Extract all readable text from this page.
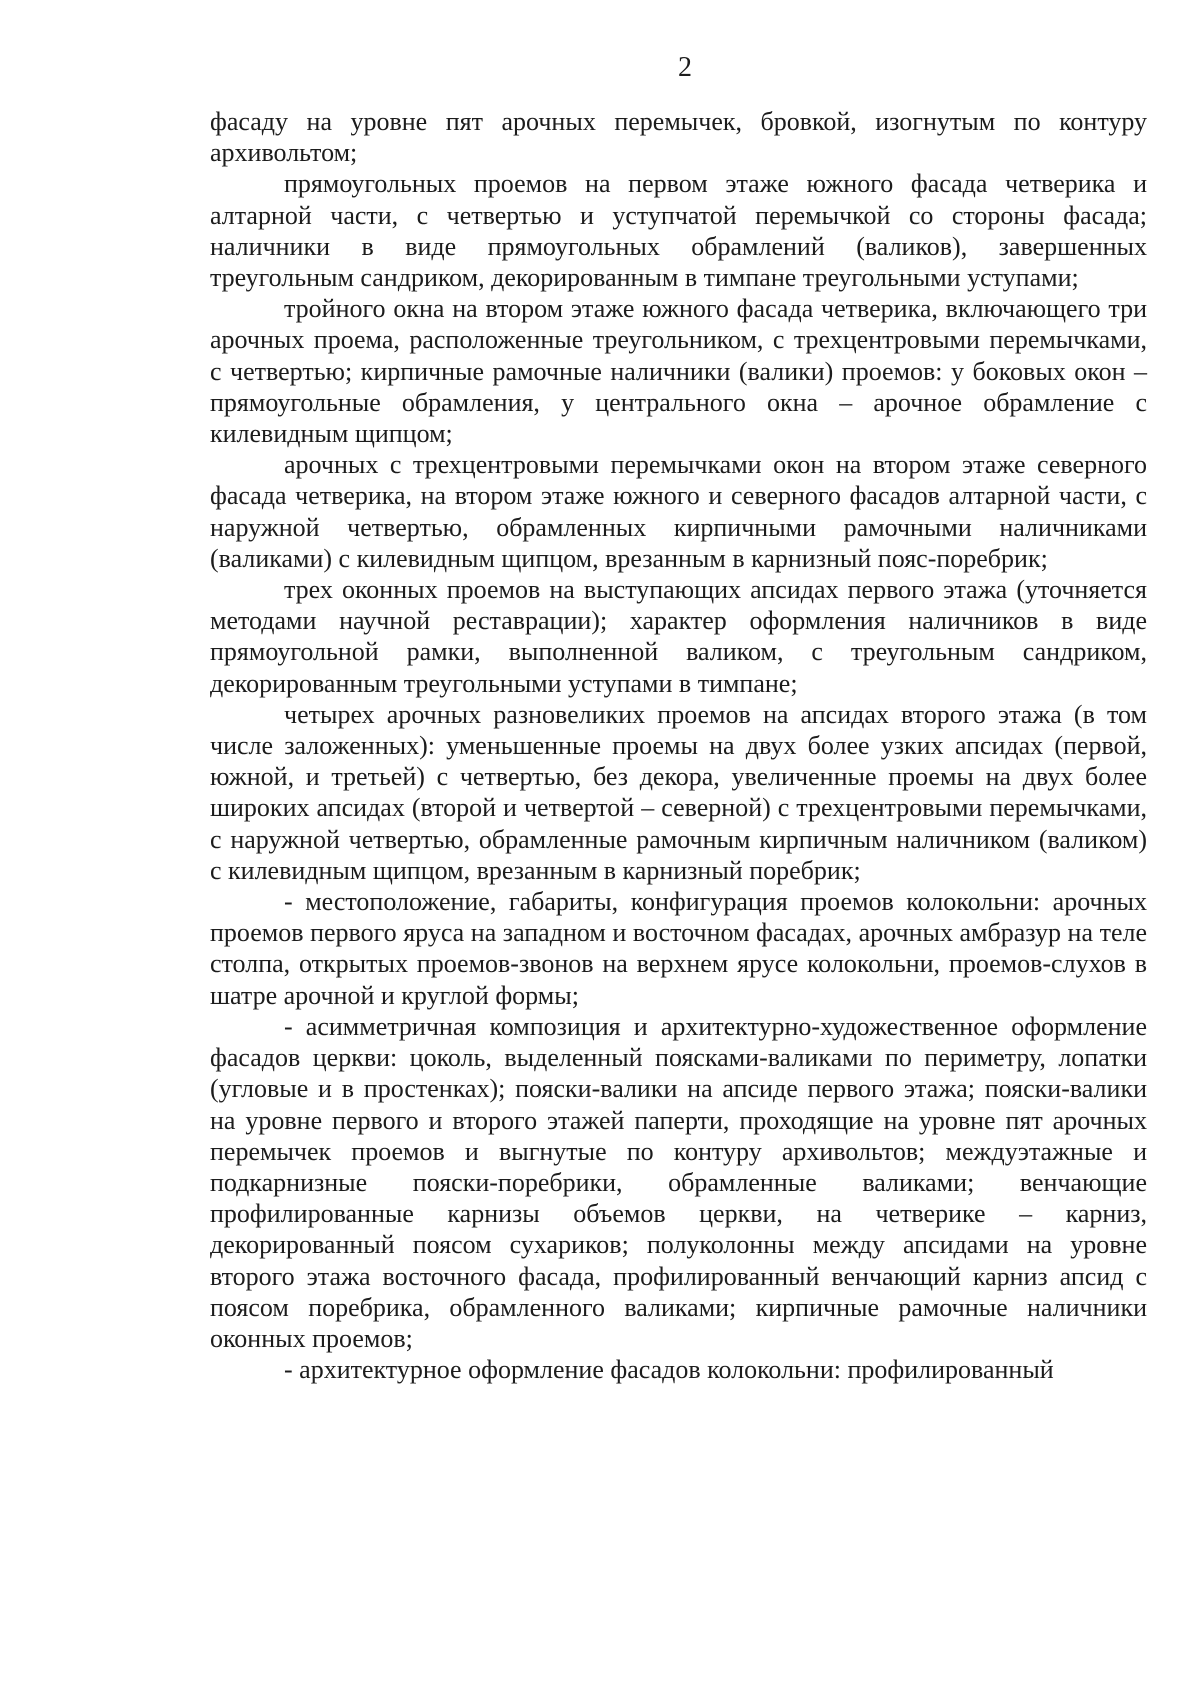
2

фасаду на уровне пят арочных перемычек, бровкой, изогнутым по контуру архивольтом;

прямоугольных проемов на первом этаже южного фасада четверика и алтарной части, с четвертью и уступчатой перемычкой со стороны фасада; наличники в виде прямоугольных обрамлений (валиков), завершенных треугольным сандриком, декорированным в тимпане треугольными уступами;

тройного окна на втором этаже южного фасада четверика, включающего три арочных проема, расположенные треугольником, с трехцентровыми перемычками, с четвертью; кирпичные рамочные наличники (валики) проемов: у боковых окон – прямоугольные обрамления, у центрального окна – арочное обрамление с килевидным щипцом;

арочных с трехцентровыми перемычками окон на втором этаже северного фасада четверика, на втором этаже южного и северного фасадов алтарной части, с наружной четвертью, обрамленных кирпичными рамочными наличниками (валиками) с килевидным щипцом, врезанным в карнизный пояс-поребрик;

трех оконных проемов на выступающих апсидах первого этажа (уточняется методами научной реставрации); характер оформления наличников в виде прямоугольной рамки, выполненной валиком, с треугольным сандриком, декорированным треугольными уступами в тимпане;

четырех арочных разновеликих проемов на апсидах второго этажа (в том числе заложенных): уменьшенные проемы на двух более узких апсидах (первой, южной, и третьей) с четвертью, без декора, увеличенные проемы на двух более широких апсидах (второй и четвертой – северной) с трехцентровыми перемычками, с наружной четвертью, обрамленные рамочным кирпичным наличником (валиком) с килевидным щипцом, врезанным в карнизный поребрик;

- местоположение, габариты, конфигурация проемов колокольни: арочных проемов первого яруса на западном и восточном фасадах, арочных амбразур на теле столпа, открытых проемов-звонов на верхнем ярусе колокольни, проемов-слухов в шатре арочной и круглой формы;

- асимметричная композиция и архитектурно-художественное оформление фасадов церкви: цоколь, выделенный поясками-валиками по периметру, лопатки (угловые и в простенках); пояски-валики на апсиде первого этажа; пояски-валики на уровне первого и второго этажей паперти, проходящие на уровне пят арочных перемычек проемов и выгнутые по контуру архивольтов; междуэтажные и подкарнизные пояски-поребрики, обрамленные валиками; венчающие профилированные карнизы объемов церкви, на четверике – карниз, декорированный поясом сухариков; полуколонны между апсидами на уровне второго этажа восточного фасада, профилированный венчающий карниз апсид с поясом поребрика, обрамленного валиками; кирпичные рамочные наличники оконных проемов;

- архитектурное оформление фасадов колокольни: профилированный
